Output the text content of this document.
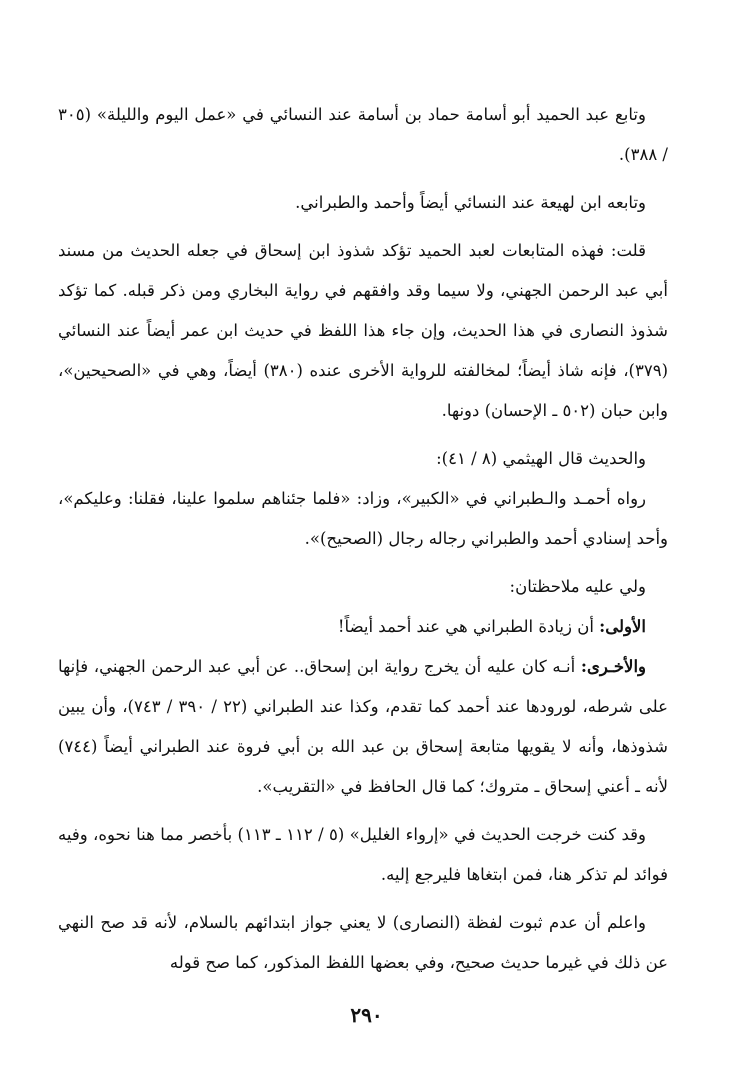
وتابع عبد الحميد أبو أسامة حماد بن أسامة عند النسائي في «عمل اليوم والليلة» (٣٠٥ / ٣٨٨).

وتابعه ابن لهيعة عند النسائي أيضاً وأحمد والطبراني.

قلت: فهذه المتابعات لعبد الحميد تؤكد شذوذ ابن إسحاق في جعله الحديث من مسند أبي عبد الرحمن الجهني، ولا سيما وقد وافقهم في رواية البخاري ومن ذكر قبله. كما تؤكد شذوذ النصارى في هذا الحديث، وإن جاء هذا اللفظ في حديث ابن عمر أيضاً عند النسائي (٣٧٩)، فإنه شاذ أيضاً؛ لمخالفته للرواية الأخرى عنده (٣٨٠) أيضاً، وهي في «الصحيحين»، وابن حبان (٥٠٢ ـ الإحسان) دونها.

والحديث قال الهيثمي (٨ / ٤١):

رواه أحمـد والـطبراني في «الكبير»، وزاد: «فلما جئناهم سلموا علينا، فقلنا: وعليكم»، وأحد إسنادي أحمد والطبراني رجاله رجال (الصحيح)».

ولي عليه ملاحظتان:

الأولى: أن زيادة الطبراني هي عند أحمد أيضاً!

والأخـرى: أنـه كان عليه أن يخرج رواية ابن إسحاق.. عن أبي عبد الرحمن الجهني، فإنها على شرطه، لورودها عند أحمد كما تقدم، وكذا عند الطبراني (٢٢ / ٣٩٠ / ٧٤٣)، وأن يبين شذوذها، وأنه لا يقويها متابعة إسحاق بن عبد الله بن أبي فروة عند الطبراني أيضاً (٧٤٤) لأنه ـ أعني إسحاق ـ متروك؛ كما قال الحافظ في «التقريب».

وقد كنت خرجت الحديث في «إرواء الغليل» (٥ / ١١٢ ـ ١١٣) بأخصر مما هنا نحوه، وفيه فوائد لم تذكر هنا، فمن ابتغاها فليرجع إليه.

واعلم أن عدم ثبوت لفظة (النصارى) لا يعني جواز ابتدائهم بالسلام، لأنه قد صح النهي عن ذلك في غيرما حديث صحيح، وفي بعضها اللفظ المذكور، كما صح قوله

٢٩٠
